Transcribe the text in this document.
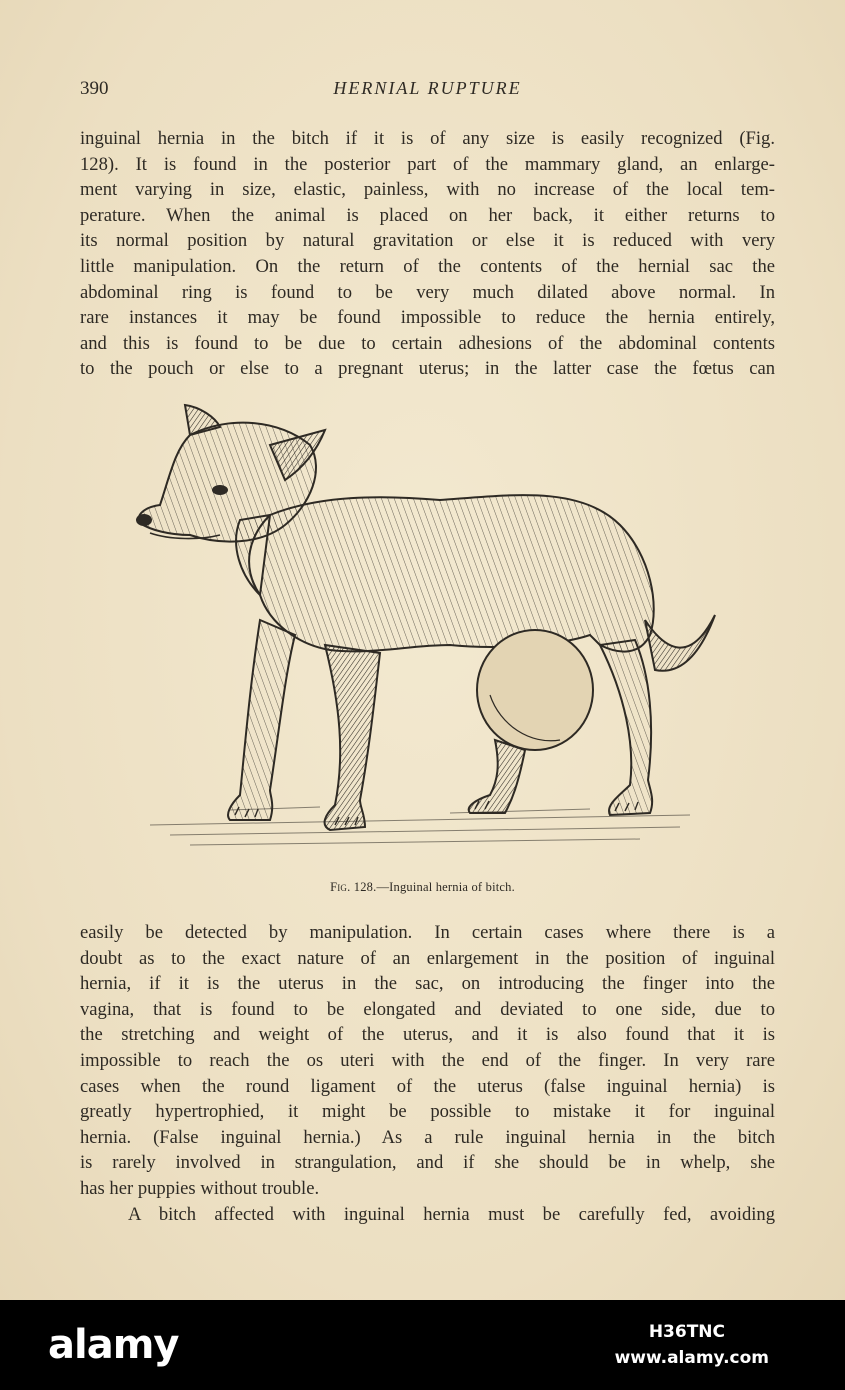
390	HERNIAL RUPTURE
inguinal hernia in the bitch if it is of any size is easily recognized (Fig.
128). It is found in the posterior part of the mammary gland, an enlarge-
ment varying in size, elastic, painless, with no increase of the local tem-
perature. When the animal is placed on her back, it either returns to
its normal position by natural gravitation or else it is reduced with very
little manipulation. On the return of the contents of the hernial sac the
abdominal ring is found to be very much dilated above normal. In
rare instances it may be found impossible to reduce the hernia entirely,
and this is found to be due to certain adhesions of the abdominal contents
to the pouch or else to a pregnant uterus; in the latter case the fœtus can
Fig. 128.—Inguinal hernia of bitch.
easily be detected by manipulation. In certain cases where there is a
doubt as to the exact nature of an enlargement in the position of inguinal
hernia, if it is the uterus in the sac, on introducing the finger into the
vagina, that is found to be elongated and deviated to one side, due to
the stretching and weight of the uterus, and it is also found that it is
impossible to reach the os uteri with the end of the finger. In very rare
cases when the round ligament of the uterus (false inguinal hernia) is
greatly hypertrophied, it might be possible to mistake it for inguinal
hernia. (False inguinal hernia.) As a rule inguinal hernia in the bitch
is rarely involved in strangulation, and if she should be in whelp, she
has her puppies without trouble.
A bitch affected with inguinal hernia must be carefully fed, avoiding
alamy	H36TNC
www.alamy.com
